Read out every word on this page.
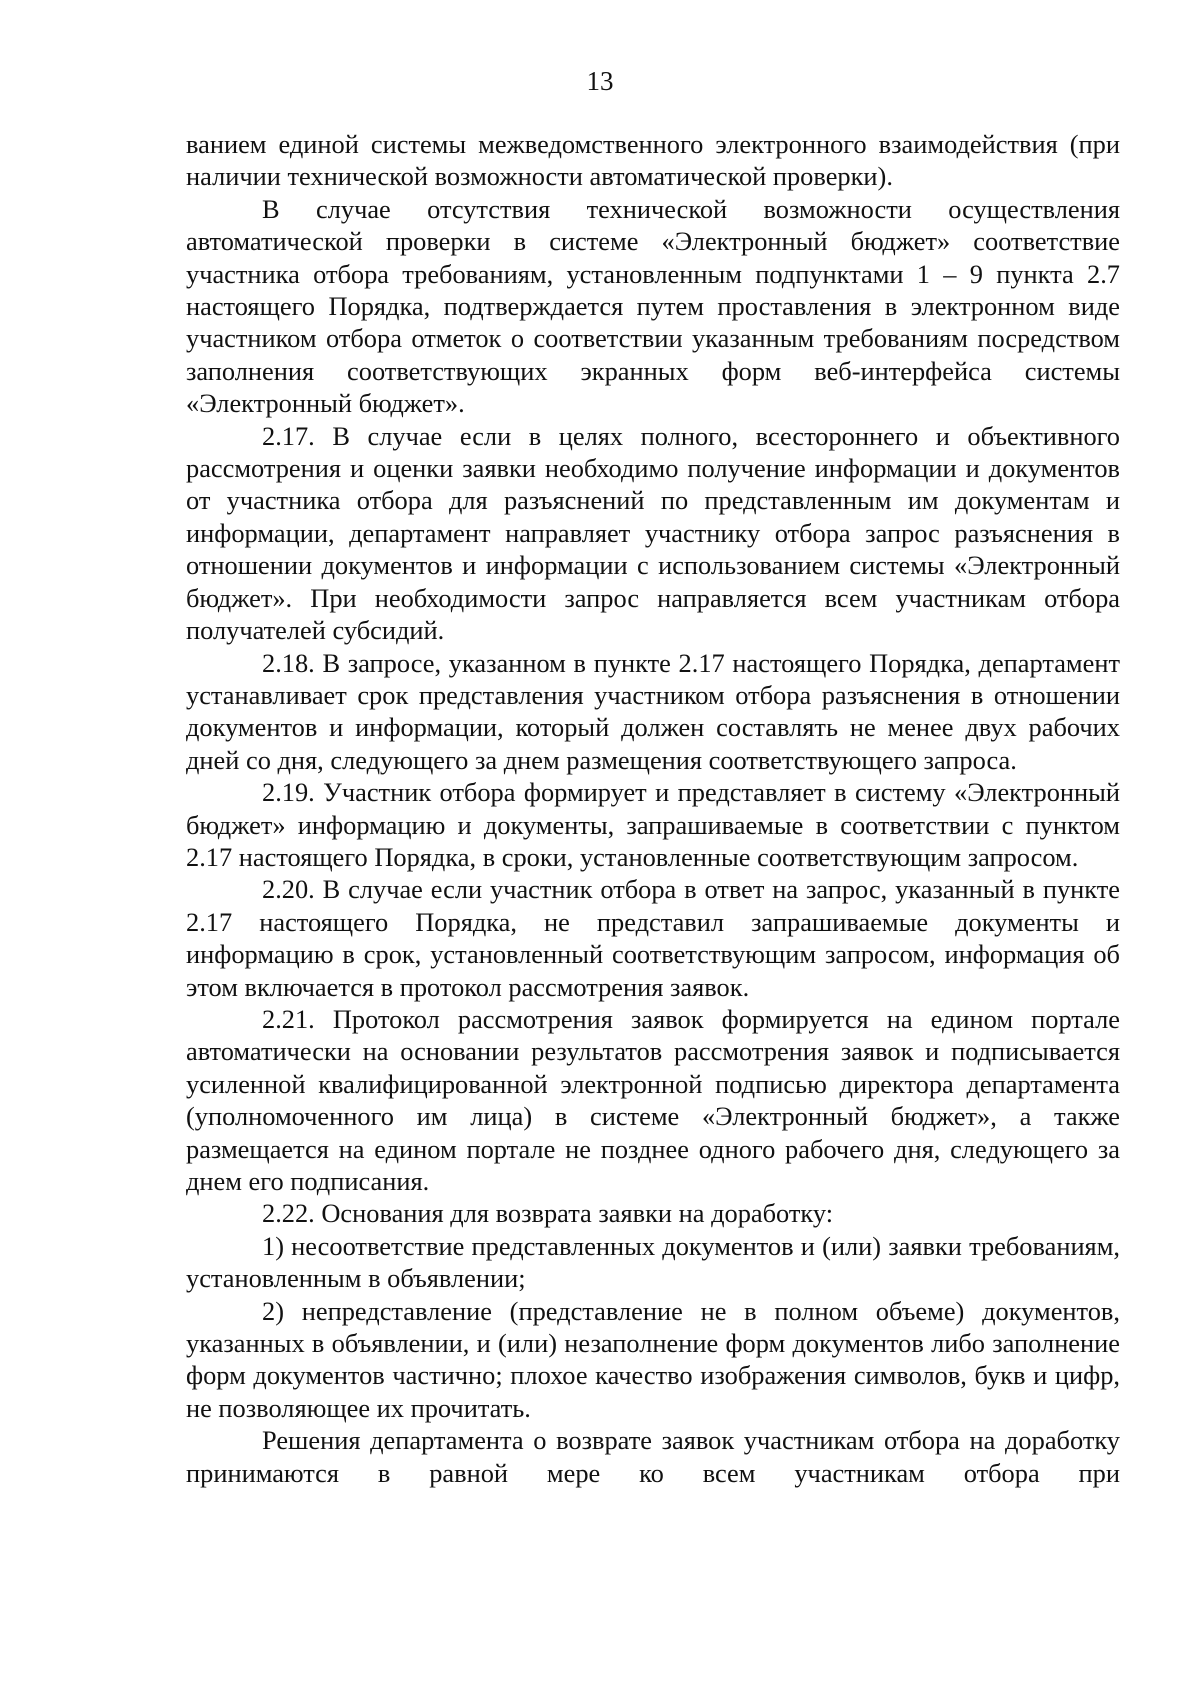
13

ванием единой системы межведомственного электронного взаимодействия (при наличии технической возможности автоматической проверки).

В случае отсутствия технической возможности осуществления автоматической проверки в системе «Электронный бюджет» соответствие участника отбора требованиям, установленным подпунктами 1 – 9 пункта 2.7 настоящего Порядка, подтверждается путем проставления в электронном виде участником отбора отметок о соответствии указанным требованиям посредством заполнения соответствующих экранных форм веб-интерфейса системы «Электронный бюджет».

2.17. В случае если в целях полного, всестороннего и объективного рассмотрения и оценки заявки необходимо получение информации и документов от участника отбора для разъяснений по представленным им документам и информации, департамент направляет участнику отбора запрос разъяснения в отношении документов и информации с использованием системы «Электронный бюджет». При необходимости запрос направляется всем участникам отбора получателей субсидий.

2.18. В запросе, указанном в пункте 2.17 настоящего Порядка, департамент устанавливает срок представления участником отбора разъяснения в отношении документов и информации, который должен составлять не менее двух рабочих дней со дня, следующего за днем размещения соответствующего запроса.

2.19. Участник отбора формирует и представляет в систему «Электронный бюджет» информацию и документы, запрашиваемые в соответствии с пунктом 2.17 настоящего Порядка, в сроки, установленные соответствующим запросом.

2.20. В случае если участник отбора в ответ на запрос, указанный в пункте 2.17 настоящего Порядка, не представил запрашиваемые документы и информацию в срок, установленный соответствующим запросом, информация об этом включается в протокол рассмотрения заявок.

2.21. Протокол рассмотрения заявок формируется на едином портале автоматически на основании результатов рассмотрения заявок и подписывается усиленной квалифицированной электронной подписью директора департамента (уполномоченного им лица) в системе «Электронный бюджет», а также размещается на едином портале не позднее одного рабочего дня, следующего за днем его подписания.

2.22. Основания для возврата заявки на доработку:

1) несоответствие представленных документов и (или) заявки требованиям, установленным в объявлении;

2) непредставление (представление не в полном объеме) документов, указанных в объявлении, и (или) незаполнение форм документов либо заполнение форм документов частично; плохое качество изображения символов, букв и цифр, не позволяющее их прочитать.

Решения департамента о возврате заявок участникам отбора на доработку принимаются в равной мере ко всем участникам отбора при
